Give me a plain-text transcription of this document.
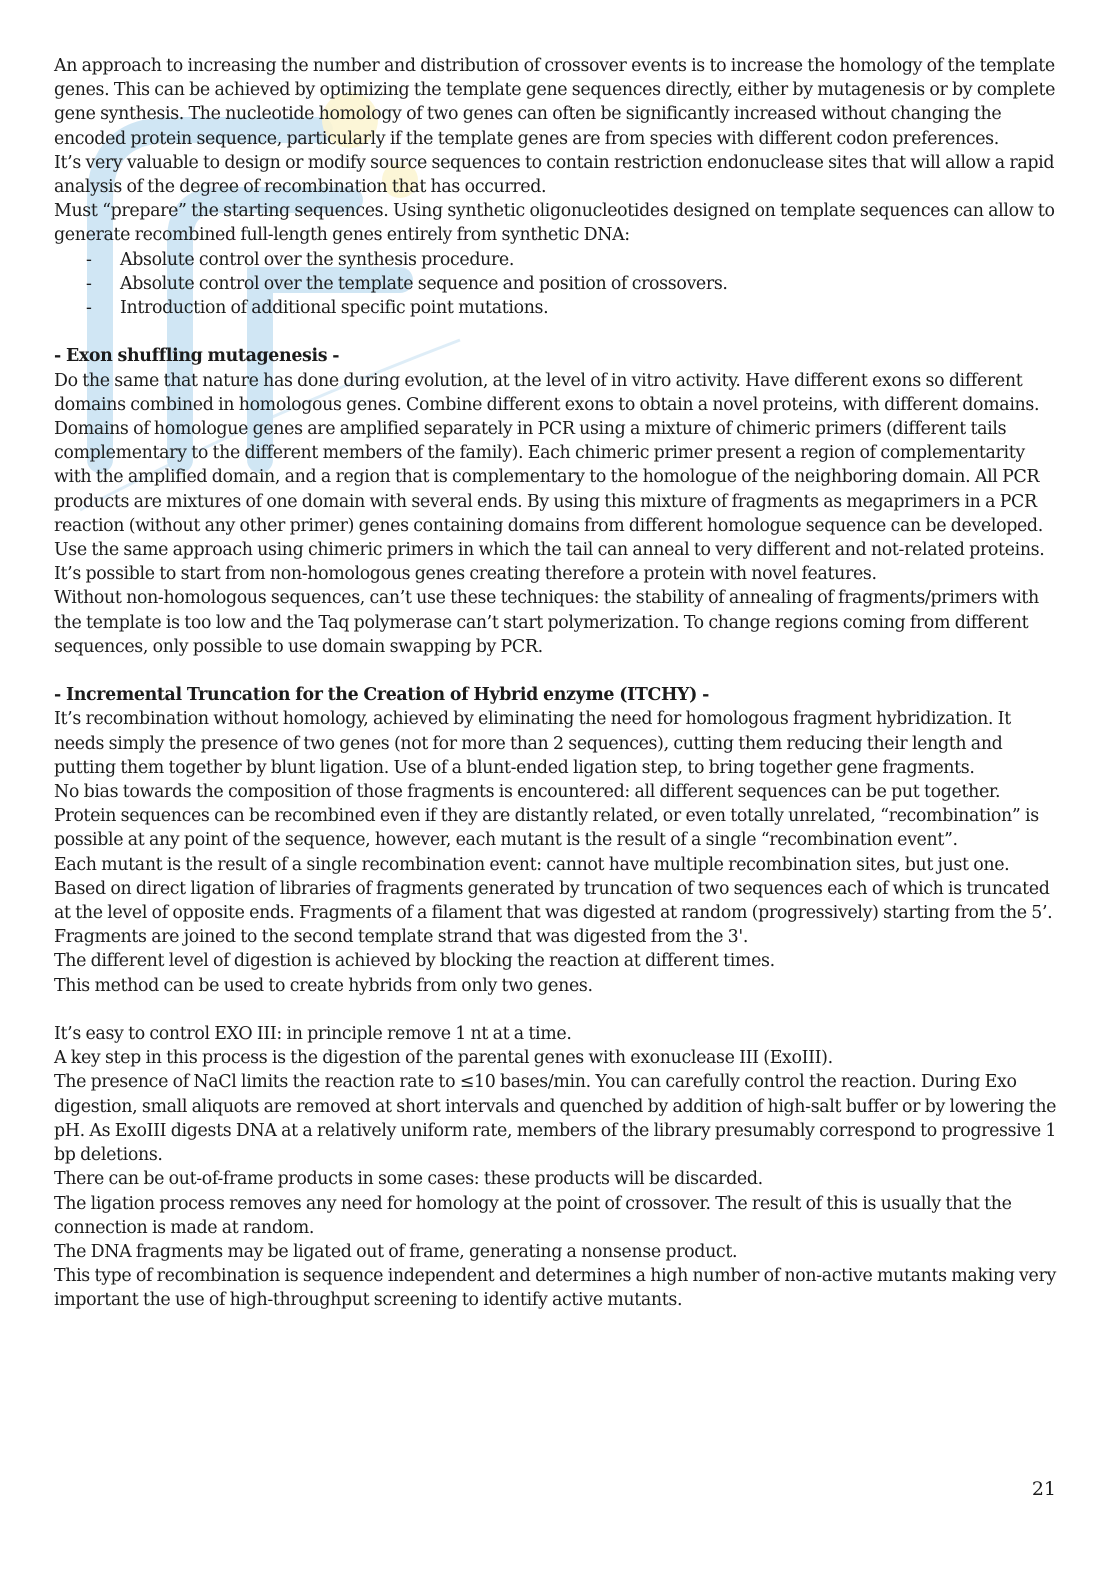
An approach to increasing the number and distribution of crossover events is to increase the homology of the template genes. This can be achieved by optimizing the template gene sequences directly, either by mutagenesis or by complete gene synthesis. The nucleotide homology of two genes can often be significantly increased without changing the encoded protein sequence, particularly if the template genes are from species with different codon preferences.

It’s very valuable to design or modify source sequences to contain restriction endonuclease sites that will allow a rapid analysis of the degree of recombination that has occurred.

Must “prepare” the starting sequences. Using synthetic oligonucleotides designed on template sequences can allow to generate recombined full-length genes entirely from synthetic DNA:

- Absolute control over the synthesis procedure.
- Absolute control over the template sequence and position of crossovers.
- Introduction of additional specific point mutations.
- Exon shuffling mutagenesis -

Do the same that nature has done during evolution, at the level of in vitro activity. Have different exons so different domains combined in homologous genes. Combine different exons to obtain a novel proteins, with different domains.

Domains of homologue genes are amplified separately in PCR using a mixture of chimeric primers (different tails complementary to the different members of the family). Each chimeric primer present a region of complementarity with the amplified domain, and a region that is complementary to the homologue of the neighboring domain. All PCR products are mixtures of one domain with several ends. By using this mixture of fragments as megaprimers in a PCR reaction (without any other primer) genes containing domains from different homologue sequence can be developed.

Use the same approach using chimeric primers in which the tail can anneal to very different and not-related proteins. It’s possible to start from non-homologous genes creating therefore a protein with novel features.

Without non-homologous sequences, can’t use these techniques: the stability of annealing of fragments/primers with the template is too low and the Taq polymerase can’t start polymerization. To change regions coming from different sequences, only possible to use domain swapping by PCR.

- Incremental Truncation for the Creation of Hybrid enzyme (ITCHY) -

It’s recombination without homology, achieved by eliminating the need for homologous fragment hybridization. It needs simply the presence of two genes (not for more than 2 sequences), cutting them reducing their length and putting them together by blunt ligation. Use of a blunt-ended ligation step, to bring together gene fragments.

No bias towards the composition of those fragments is encountered: all different sequences can be put together.

Protein sequences can be recombined even if they are distantly related, or even totally unrelated, “recombination” is possible at any point of the sequence, however, each mutant is the result of a single “recombination event”.

Each mutant is the result of a single recombination event: cannot have multiple recombination sites, but just one.

Based on direct ligation of libraries of fragments generated by truncation of two sequences each of which is truncated at the level of opposite ends. Fragments of a filament that was digested at random (progressively) starting from the 5’. Fragments are joined to the second template strand that was digested from the 3'.

The different level of digestion is achieved by blocking the reaction at different times.

This method can be used to create hybrids from only two genes.

It’s easy to control EXO III: in principle remove 1 nt at a time.

A key step in this process is the digestion of the parental genes with exonuclease III (ExoIII).

The presence of NaCl limits the reaction rate to ≤10 bases/min. You can carefully control the reaction. During Exo digestion, small aliquots are removed at short intervals and quenched by addition of high-salt buffer or by lowering the pH. As ExoIII digests DNA at a relatively uniform rate, members of the library presumably correspond to progressive 1 bp deletions.

There can be out-of-frame products in some cases: these products will be discarded.

The ligation process removes any need for homology at the point of crossover. The result of this is usually that the connection is made at random.

The DNA fragments may be ligated out of frame, generating a nonsense product.

This type of recombination is sequence independent and determines a high number of non-active mutants making very important the use of high-throughput screening to identify active mutants.

21
